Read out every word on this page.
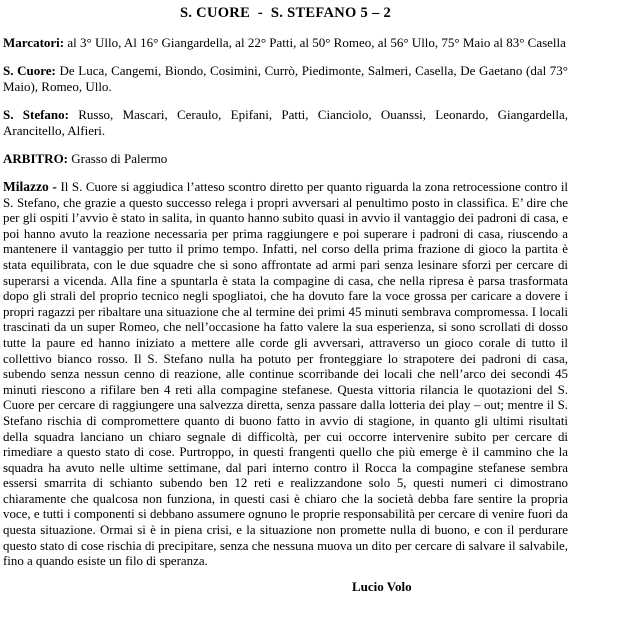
S. CUORE  -  S. STEFANO 5 – 2

Marcatori: al 3° Ullo, Al 16° Giangardella, al 22° Patti, al 50° Romeo, al 56° Ullo, 75° Maio al 83° Casella

S. Cuore: De Luca, Cangemi, Biondo, Cosimini, Currò, Piedimonte, Salmeri, Casella, De Gaetano (dal 73° Maio), Romeo, Ullo.

S. Stefano: Russo, Mascari, Ceraulo, Epifani, Patti, Cianciolo, Ouanssi, Leonardo, Giangardella, Arancitello, Alfieri.

ARBITRO: Grasso di Palermo

Milazzo - Il S. Cuore si aggiudica l’atteso scontro diretto per quanto riguarda la zona retrocessione contro il S. Stefano, che grazie a questo successo relega i propri avversari al penultimo posto in classifica. E’ dire che per gli ospiti l’avvio è stato in salita, in quanto hanno subito quasi in avvio il vantaggio dei padroni di casa, e poi hanno avuto la reazione necessaria per prima raggiungere e poi superare i padroni di casa, riuscendo a mantenere il vantaggio per tutto il primo tempo. Infatti, nel corso della prima frazione di gioco la partita è stata equilibrata, con le due squadre che si sono affrontate ad armi pari senza lesinare sforzi per cercare di superarsi a vicenda. Alla fine a spuntarla è stata la compagine di casa, che nella ripresa è parsa trasformata dopo gli strali del proprio tecnico negli spogliatoi, che ha dovuto fare la voce grossa per caricare a dovere i propri ragazzi per ribaltare una situazione che al termine dei primi 45 minuti sembrava compromessa. I locali trascinati da un super Romeo, che nell’occasione ha fatto valere la sua esperienza, si sono scrollati di dosso tutte la paure ed hanno iniziato a mettere alle corde gli avversari, attraverso un gioco corale di tutto il collettivo bianco rosso. Il S. Stefano nulla ha potuto per fronteggiare lo strapotere dei padroni di casa, subendo senza nessun cenno di reazione, alle continue scorribande dei locali che nell’arco dei secondi 45 minuti riescono a rifilare ben 4 reti alla compagine stefanese. Questa vittoria rilancia le quotazioni del S. Cuore per cercare di raggiungere una salvezza diretta, senza passare dalla lotteria dei play – out; mentre il S. Stefano rischia di compromettere quanto di buono fatto in avvio di stagione, in quanto gli ultimi risultati della squadra lanciano un chiaro segnale di difficoltà, per cui occorre intervenire subito per cercare di rimediare a questo stato di cose. Purtroppo, in questi frangenti quello che più emerge è il cammino che la squadra ha avuto nelle ultime settimane, dal pari interno contro il Rocca la compagine stefanese sembra essersi smarrita di schianto subendo ben 12 reti e realizzandone solo 5, questi numeri ci dimostrano chiaramente che qualcosa non funziona, in questi casi è chiaro che la società debba fare sentire la propria voce, e tutti i componenti si debbano assumere ognuno le proprie responsabilità per cercare di venire fuori da questa situazione. Ormai si è in piena crisi, e la situazione non promette nulla di buono, e con il perdurare questo stato di cose rischia di precipitare, senza che nessuna muova un dito per cercare di salvare il salvabile, fino a quando esiste un filo di speranza.

Lucio Volo
